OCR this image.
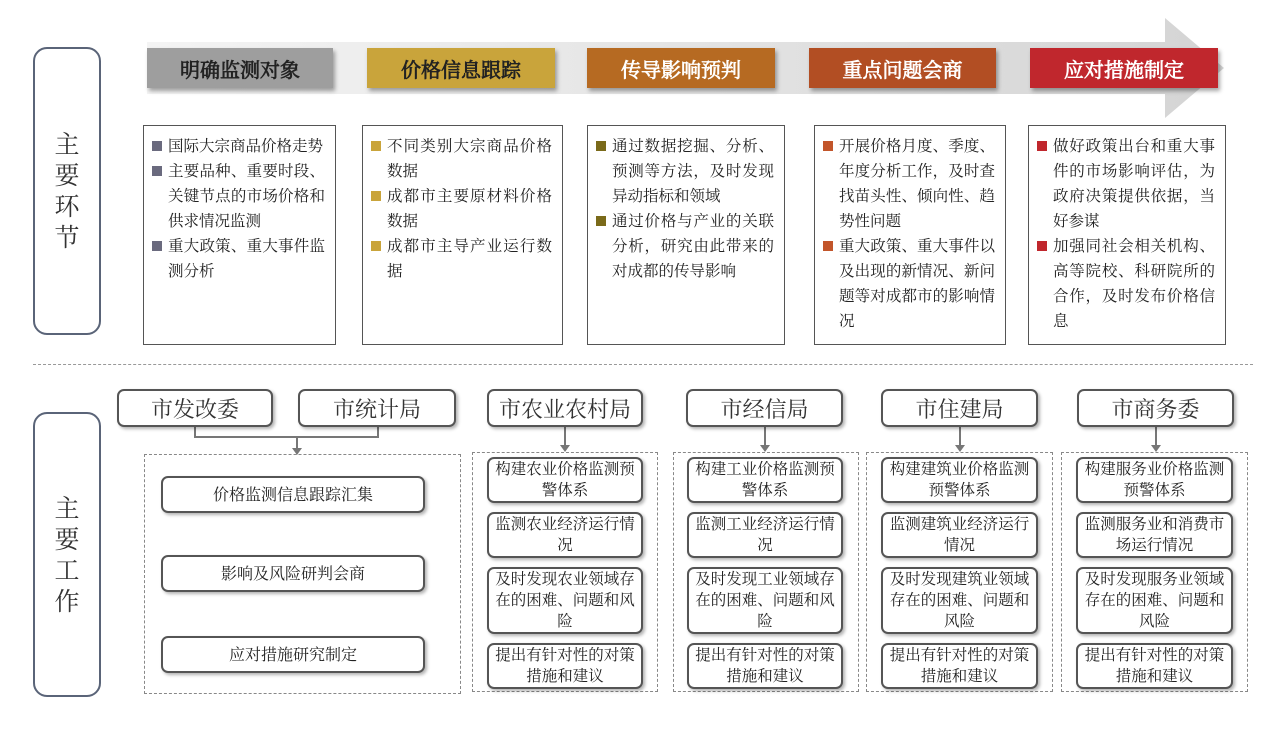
主要环节
主要工作
明确监测对象	价格信息跟踪	传导影响预判	重点问题会商	应对措施制定
国际大宗商品价格走势
主要品种、重要时段、关键节点的市场价格和供求情况监测
重大政策、重大事件监测分析
不同类别大宗商品价格数据
成都市主要原材料价格数据
成都市主导产业运行数据
通过数据挖掘、分析、预测等方法，及时发现异动指标和领域
通过价格与产业的关联分析，研究由此带来的对成都的传导影响
开展价格月度、季度、年度分析工作，及时查找苗头性、倾向性、趋势性问题
重大政策、重大事件以及出现的新情况、新问题等对成都市的影响情况
做好政策出台和重大事件的市场影响评估，为政府决策提供依据，当好参谋
加强同社会相关机构、高等院校、科研院所的合作，及时发布价格信息
市发改委	市统计局	市农业农村局	市经信局	市住建局	市商务委
价格监测信息跟踪汇集
影响及风险研判会商
应对措施研究制定
构建农业价格监测预警体系
监测农业经济运行情况
及时发现农业领域存在的困难、问题和风险
提出有针对性的对策措施和建议
构建工业价格监测预警体系
监测工业经济运行情况
及时发现工业领域存在的困难、问题和风险
提出有针对性的对策措施和建议
构建建筑业价格监测预警体系
监测建筑业经济运行情况
及时发现建筑业领域存在的困难、问题和风险
提出有针对性的对策措施和建议
构建服务业价格监测预警体系
监测服务业和消费市场运行情况
及时发现服务业领域存在的困难、问题和风险
提出有针对性的对策措施和建议
